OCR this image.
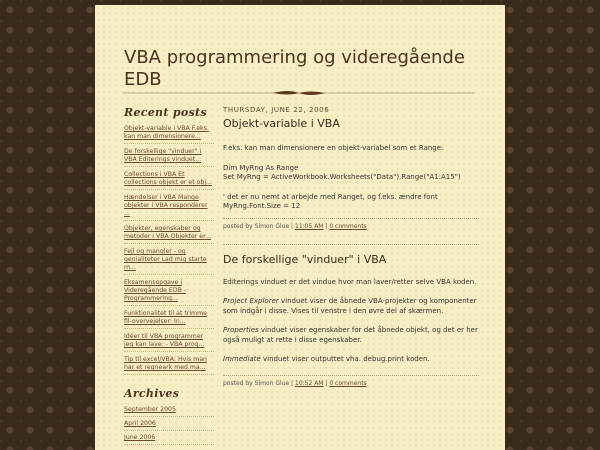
VBA programmering og videregående EDB
Recent posts
Objekt-variable i VBA F.eks. kan man dimensionere...
De forskellige "vinduer" i VBA Editerings vinduet...
Collections i VBA Et collections objekt er et obj...
Hændelser i VBA Mange objekter i VBA responderer ...
Objekter, egenskaber og metoder i VBA Objekter er...
Fejl og mangler - og genialiteter Lad mig starte m...
Eksamensopgave i Videregående EDB - Programmering...
Funktionalitet til at trimme fil-overvejelser: In...
Idéer til VBA programmer jeg kan lave: - VBA prog...
Tip til excel/VBA: Hvis man har et regneark med ma...
Archives
September 2005
April 2006
June 2006
THURSDAY, JUNE 22, 2006
Objekt-variable i VBA

F.eks. kan man dimensionere en objekt-variabel som et Range:

Dim MyRng As Range

Set MyRng = ActiveWorkbook.Worksheets("Data").Range("A1:A15")

' det er nu nemt at arbejde med Ranget, og f.eks. ændre font

MyRng.Font.Size = 12

posted by Simon Glue | 11:05 AM | 0 comments
De forskellige "vinduer" i VBA

Editerings vinduet er det vindue hvor man laver/retter selve VBA koden.

Project Explorer vinduet viser de åbnede VBA-projekter og komponenter som indgår i disse. Vises til venstre i den øvre del af skærmen.

Properties vinduet viser egenskaber for det åbnede objekt, og det er her også muligt at rette i disse egenskaber.

Immediate vinduet viser outputtet vha. debug.print koden.

posted by Simon Glue | 10:52 AM | 0 comments
